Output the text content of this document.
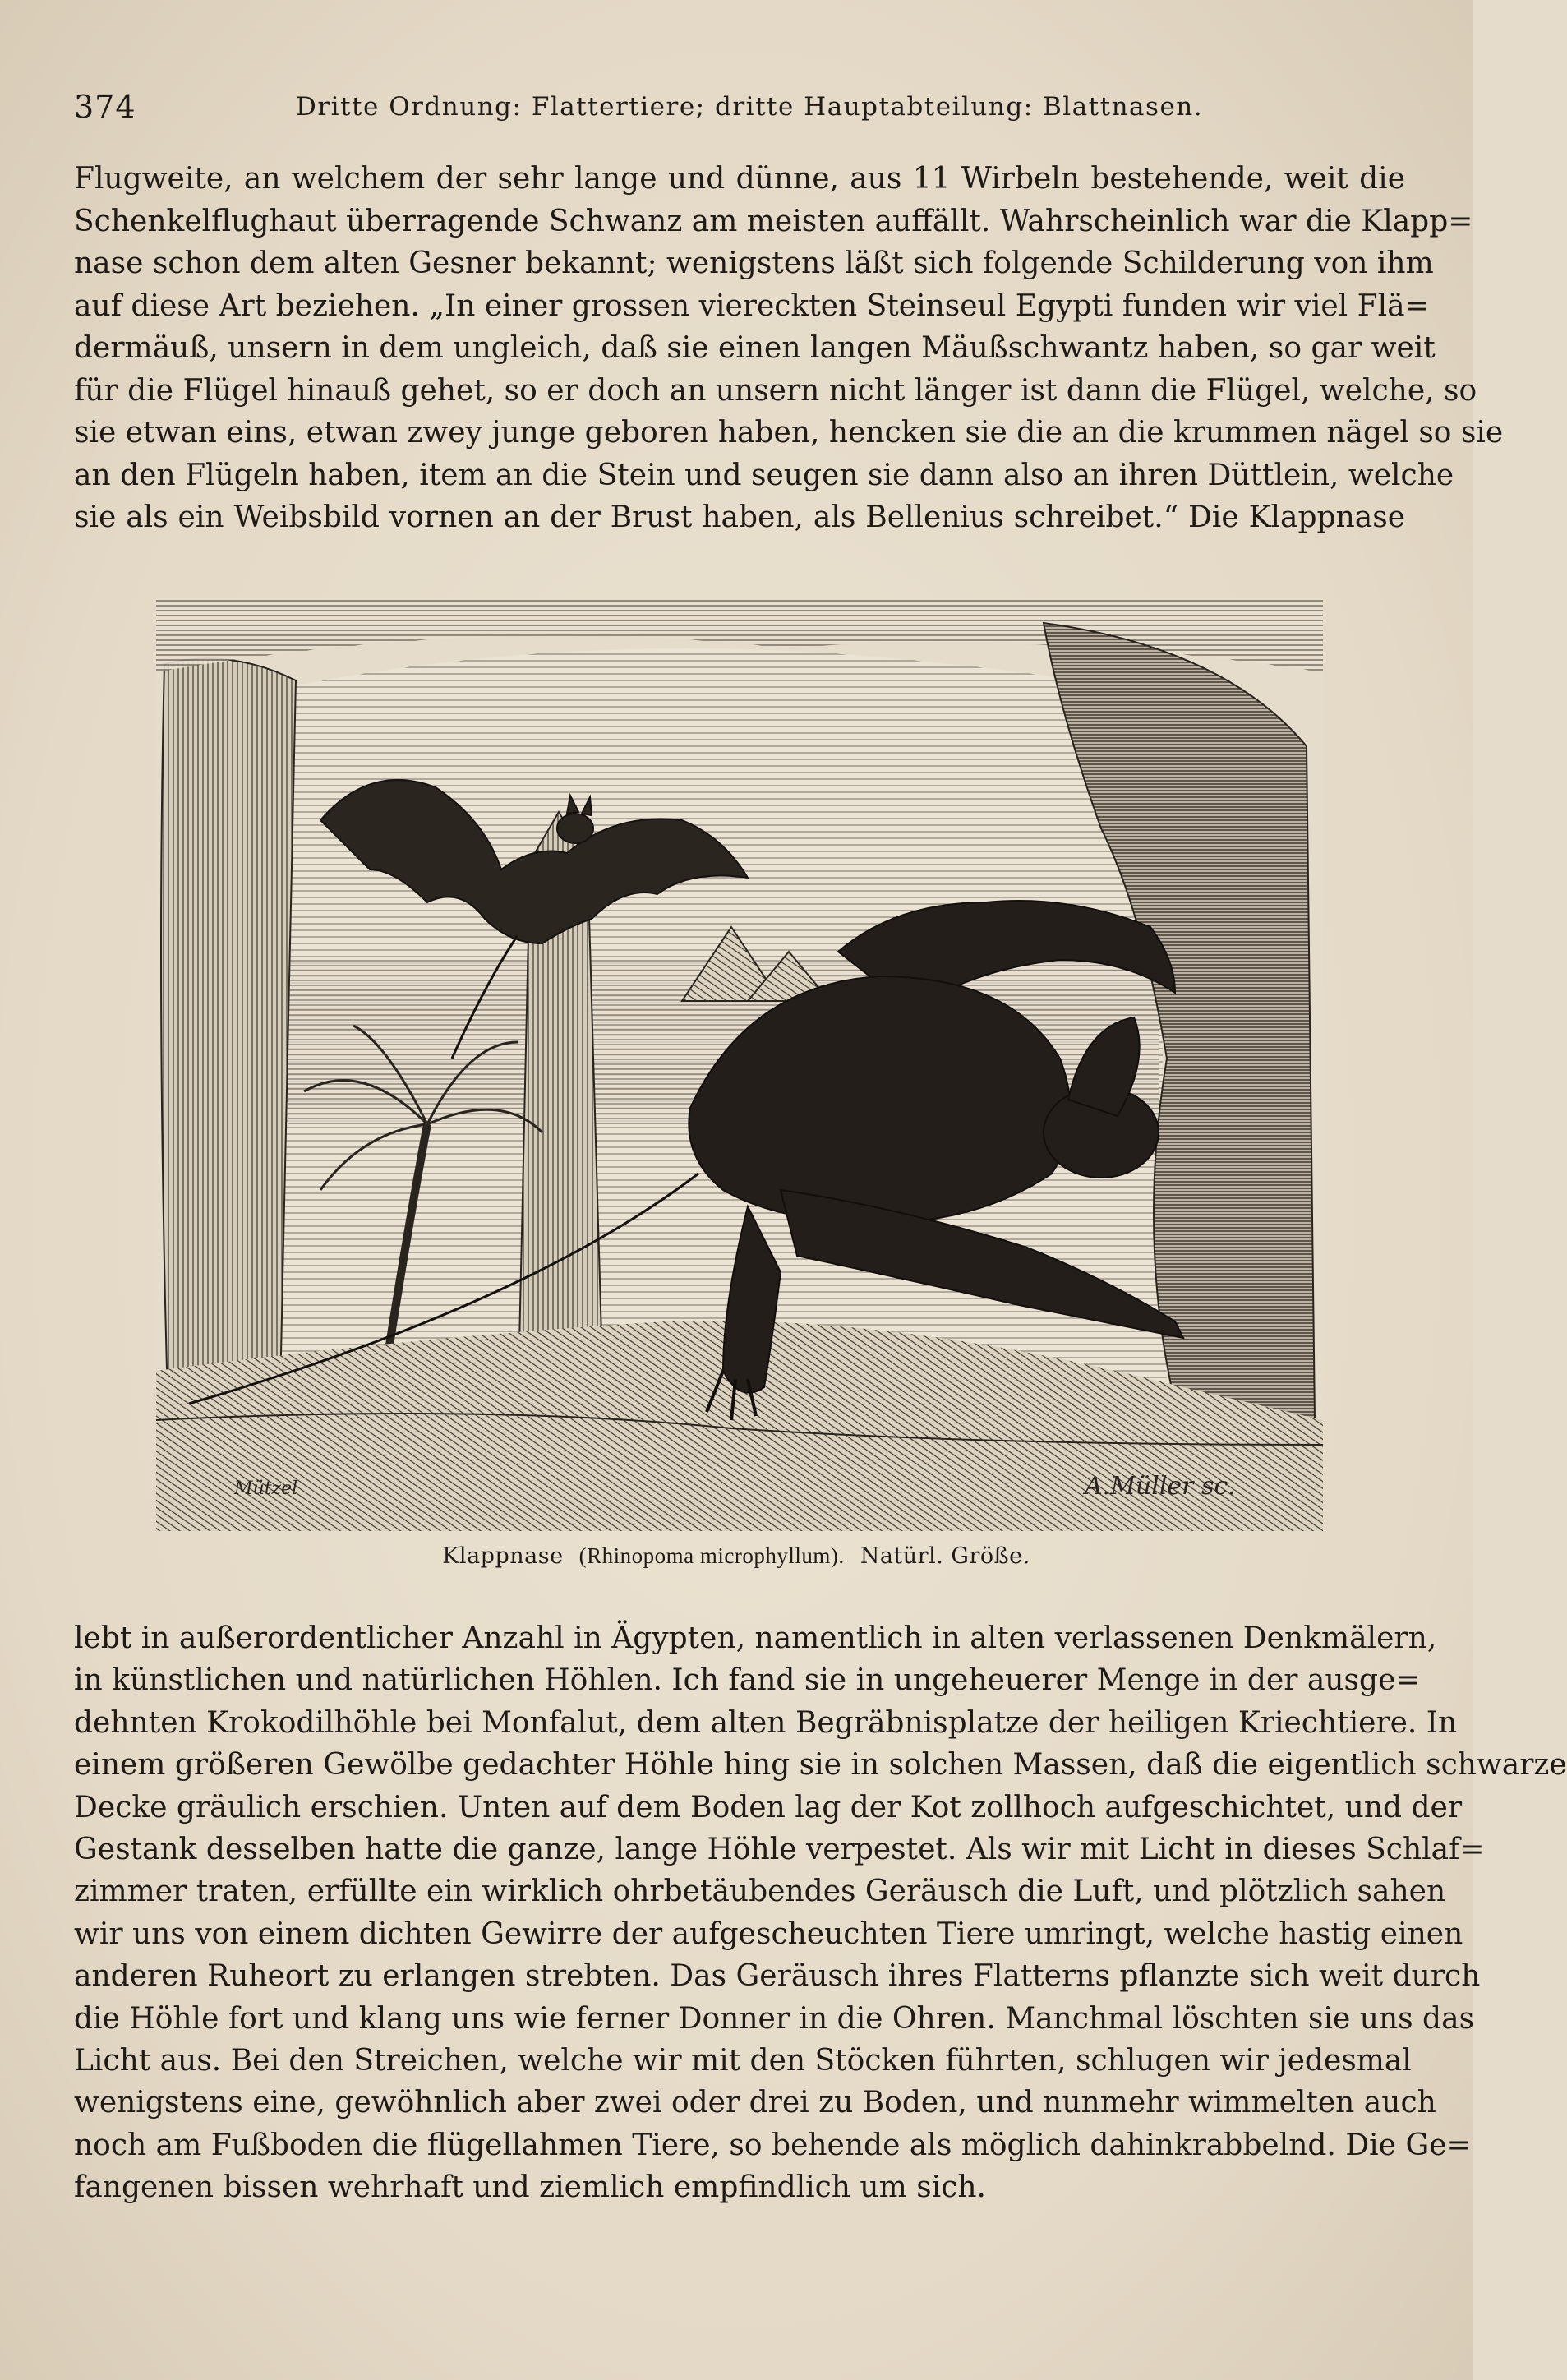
374	Dritte Ordnung: Flattertiere; dritte Hauptabteilung: Blattnasen.
Flugweite, an welchem der sehr lange und dünne, aus 11 Wirbeln bestehende, weit die
Schenkelflughaut überragende Schwanz am meisten auffällt. Wahrscheinlich war die Klapp=
nase schon dem alten Gesner bekannt; wenigstens läßt sich folgende Schilderung von ihm
auf diese Art beziehen. „In einer grossen viereckten Steinseul Egypti funden wir viel Flä=
dermäuß, unsern in dem ungleich, daß sie einen langen Mäußschwantz haben, so gar weit
für die Flügel hinauß gehet, so er doch an unsern nicht länger ist dann die Flügel, welche, so
sie etwan eins, etwan zwey junge geboren haben, hencken sie die an die krummen nägel so sie
an den Flügeln haben, item an die Stein und seugen sie dann also an ihren Düttlein, welche
sie als ein Weibsbild vornen an der Brust haben, als Bellenius schreibet.“ Die Klappnase
Mützel	A.Müller sc.
Klappnase (Rhinopoma microphyllum). Natürl. Größe.
lebt in außerordentlicher Anzahl in Ägypten, namentlich in alten verlassenen Denkmälern,
in künstlichen und natürlichen Höhlen. Ich fand sie in ungeheuerer Menge in der ausge=
dehnten Krokodilhöhle bei Monfalut, dem alten Begräbnisplatze der heiligen Kriechtiere. In
einem größeren Gewölbe gedachter Höhle hing sie in solchen Massen, daß die eigentlich schwarze
Decke gräulich erschien. Unten auf dem Boden lag der Kot zollhoch aufgeschichtet, und der
Gestank desselben hatte die ganze, lange Höhle verpestet. Als wir mit Licht in dieses Schlaf=
zimmer traten, erfüllte ein wirklich ohrbetäubendes Geräusch die Luft, und plötzlich sahen
wir uns von einem dichten Gewirre der aufgescheuchten Tiere umringt, welche hastig einen
anderen Ruheort zu erlangen strebten. Das Geräusch ihres Flatterns pflanzte sich weit durch
die Höhle fort und klang uns wie ferner Donner in die Ohren. Manchmal löschten sie uns das
Licht aus. Bei den Streichen, welche wir mit den Stöcken führten, schlugen wir jedesmal
wenigstens eine, gewöhnlich aber zwei oder drei zu Boden, und nunmehr wimmelten auch
noch am Fußboden die flügellahmen Tiere, so behende als möglich dahinkrabbelnd. Die Ge=
fangenen bissen wehrhaft und ziemlich empfindlich um sich.
